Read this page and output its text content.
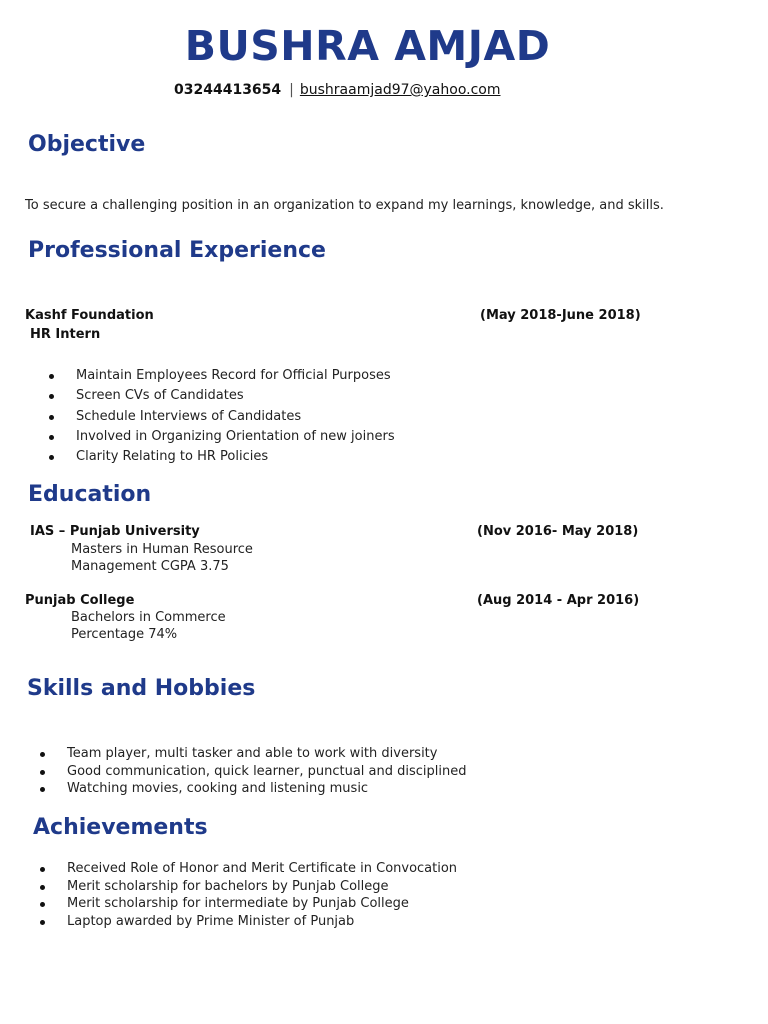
BUSHRA AMJAD
03244413654 | bushraamjad97@yahoo.com
Objective
To secure a challenging position in an organization to expand my learnings, knowledge, and skills.
Professional Experience
Kashf Foundation	(May 2018-June 2018)
HR Intern
Maintain Employees Record for Official Purposes
Screen CVs of Candidates
Schedule Interviews of Candidates
Involved in Organizing Orientation of new joiners
Clarity Relating to HR Policies
Education
IAS – Punjab University	(Nov 2016- May 2018)
Masters in Human Resource
Management CGPA 3.75
Punjab College	(Aug 2014 - Apr 2016)
Bachelors in Commerce
Percentage 74%
Skills and Hobbies
Team player, multi tasker and able to work with diversity
Good communication, quick learner, punctual and disciplined
Watching movies, cooking and listening music
Achievements
Received Role of Honor and Merit Certificate in Convocation
Merit scholarship for bachelors by Punjab College
Merit scholarship for intermediate by Punjab College
Laptop awarded by Prime Minister of Punjab
